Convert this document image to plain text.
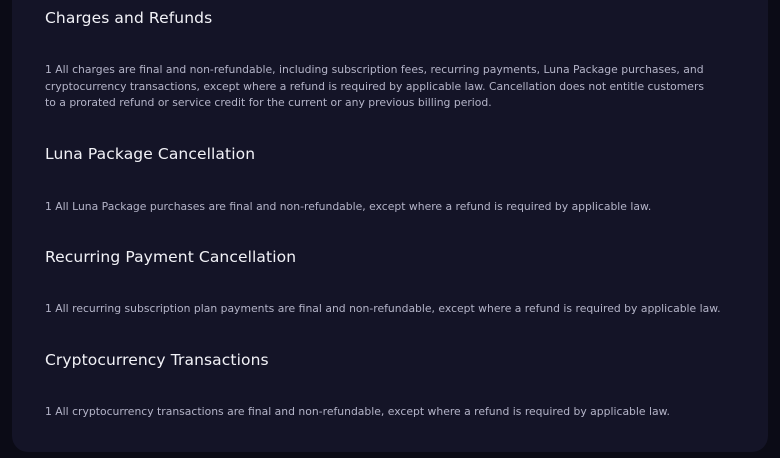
Charges and Refunds

1 All charges are final and non-refundable, including subscription fees, recurring payments, Luna Package purchases, and cryptocurrency transactions, except where a refund is required by applicable law. Cancellation does not entitle customers to a prorated refund or service credit for the current or any previous billing period.

Luna Package Cancellation

1 All Luna Package purchases are final and non-refundable, except where a refund is required by applicable law.

Recurring Payment Cancellation

1 All recurring subscription plan payments are final and non-refundable, except where a refund is required by applicable law.

Cryptocurrency Transactions

1 All cryptocurrency transactions are final and non-refundable, except where a refund is required by applicable law.
